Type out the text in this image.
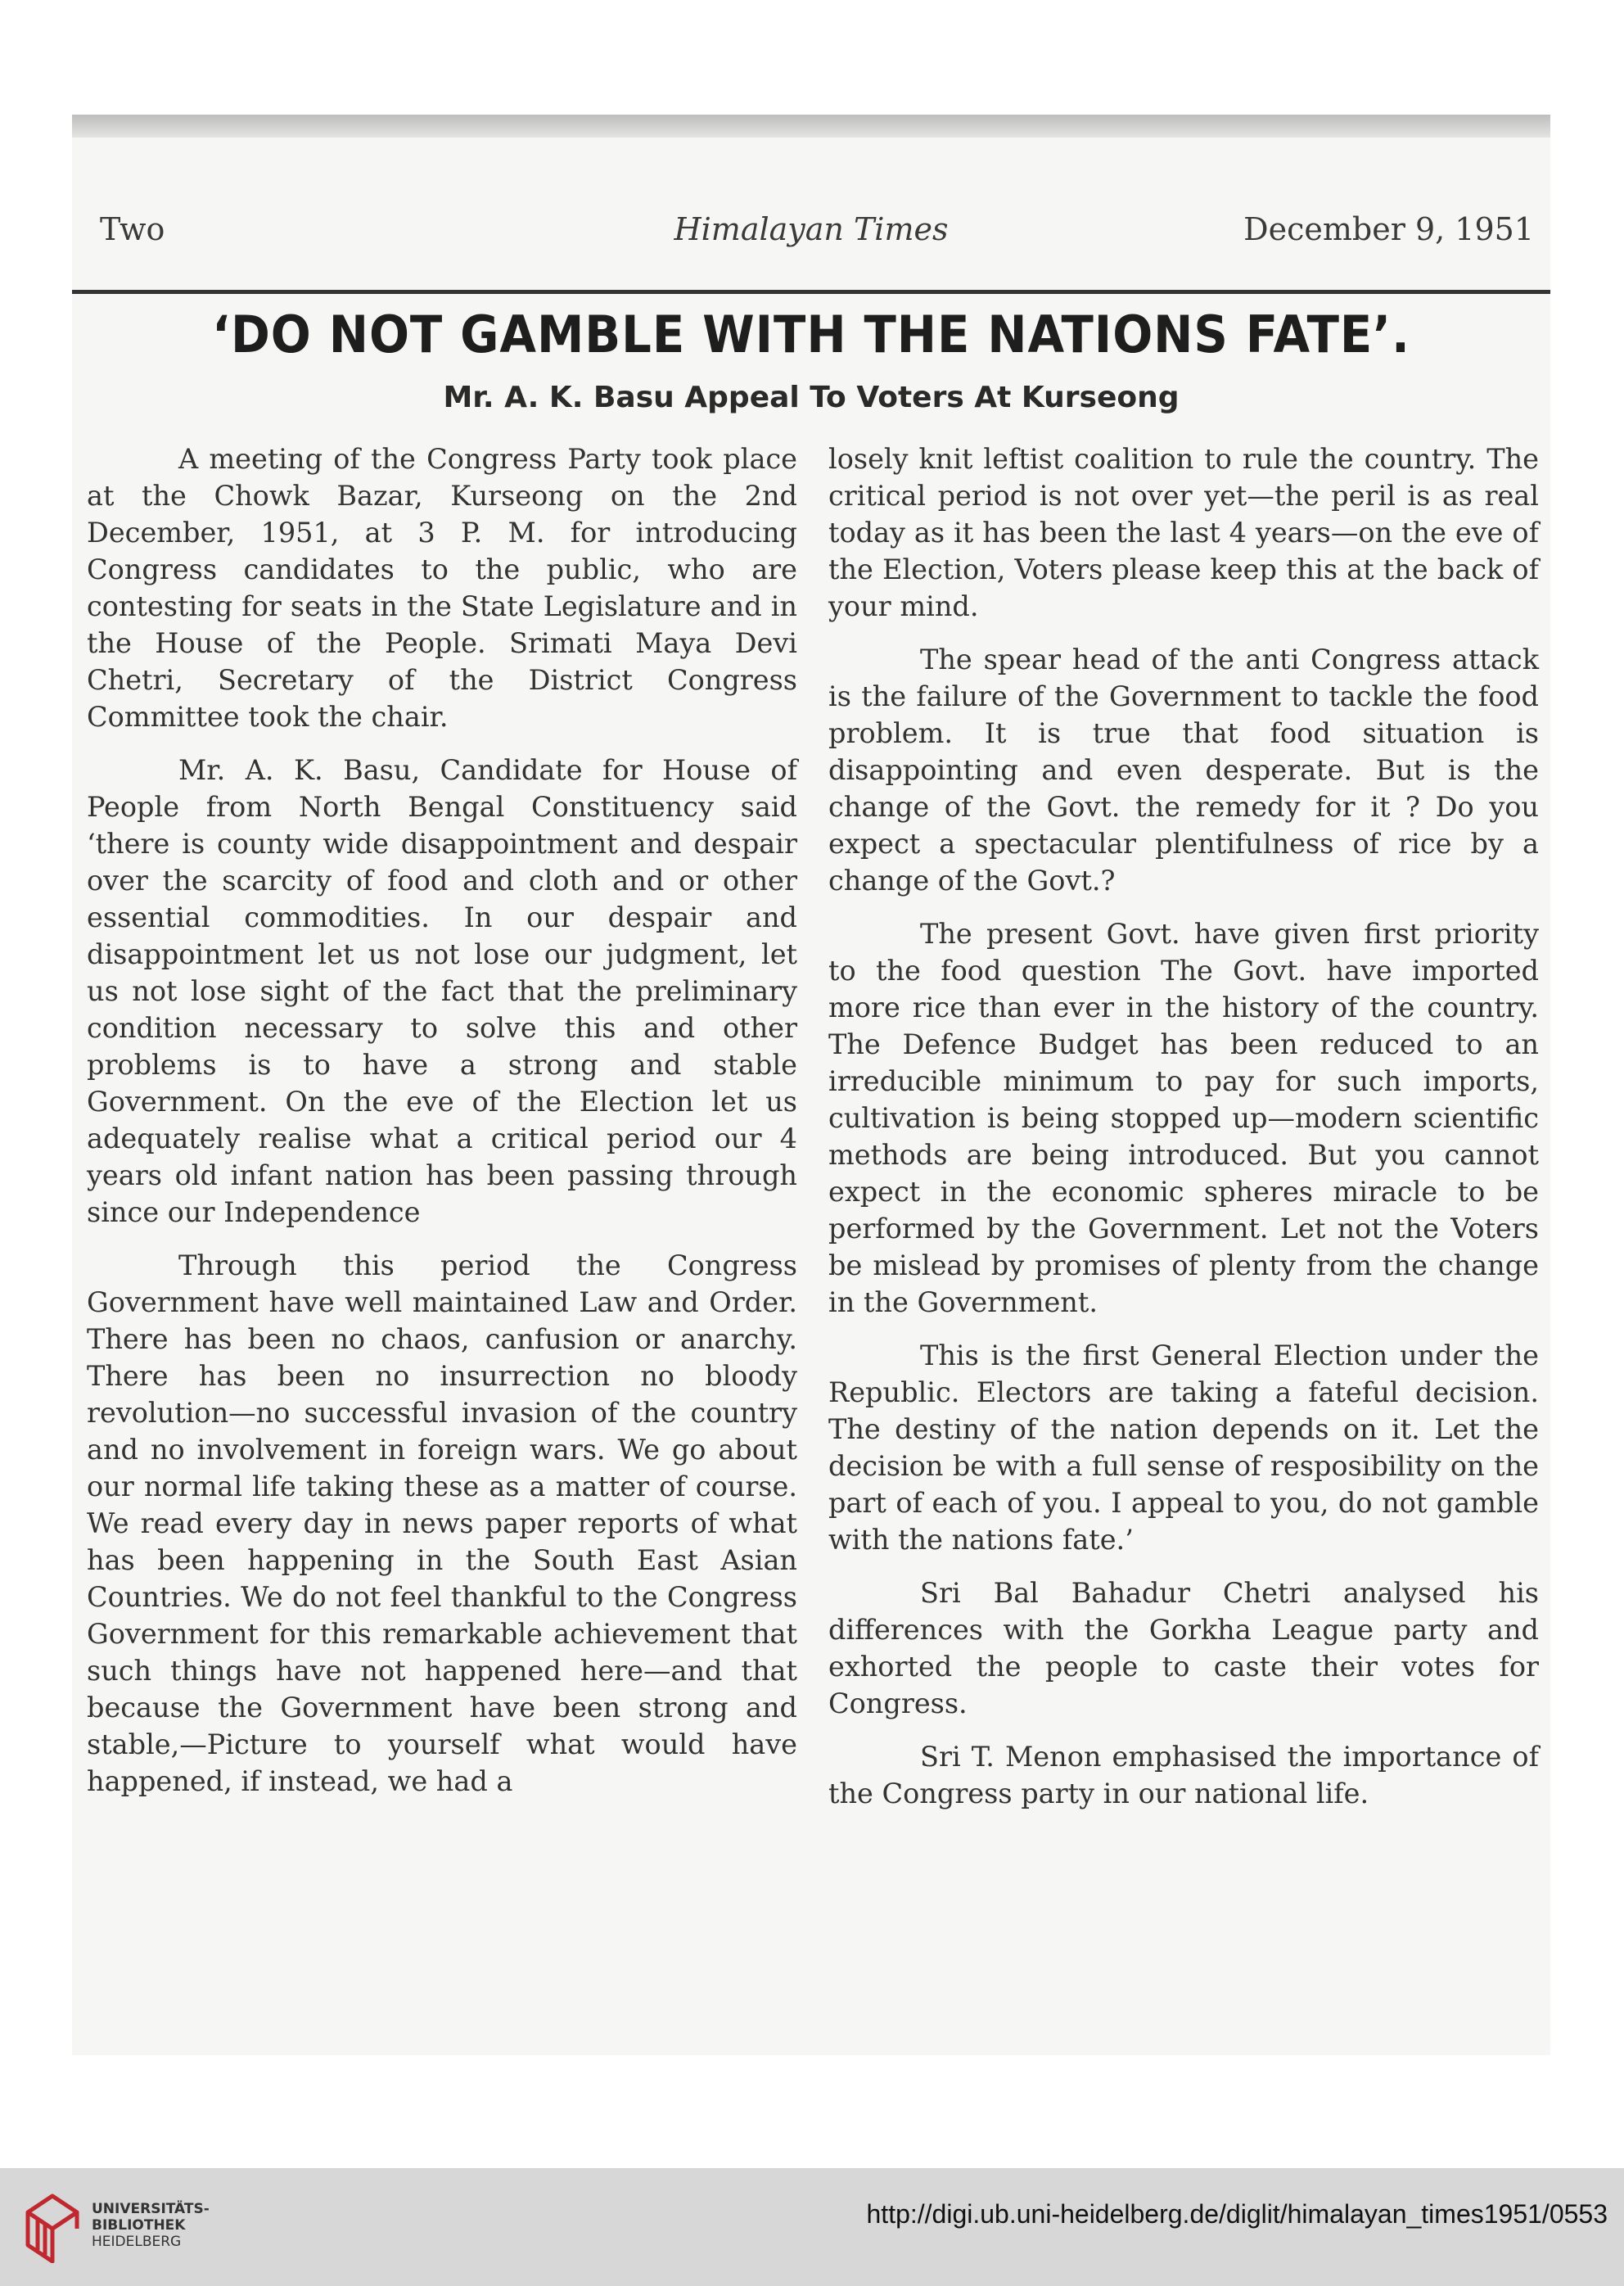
Two	Himalayan Times	December 9, 1951
‘DO NOT GAMBLE WITH THE NATIONS FATE’.
Mr. A. K. Basu Appeal To Voters At Kurseong

A meeting of the Congress Party took place at the Chowk Bazar, Kurseong on the 2nd December, 1951, at 3 P. M. for introducing Congress candidates to the public, who are contesting for seats in the State Legislature and in the House of the People. Srimati Maya Devi Chetri, Secretary of the District Congress Committee took the chair.

Mr. A. K. Basu, Candidate for House of People from North Bengal Constituency said ‘there is county wide disappointment and despair over the scarcity of food and cloth and or other essential commodities. In our despair and disappointment let us not lose our judgment, let us not lose sight of the fact that the preliminary condition necessary to solve this and other problems is to have a strong and stable Government. On the eve of the Election let us adequately realise what a critical period our 4 years old infant nation has been passing through since our Independence

Through this period the Congress Government have well maintained Law and Order. There has been no chaos, canfusion or anarchy. There has been no insurrection no bloody revolution—no successful invasion of the country and no involvement in foreign wars. We go about our normal life taking these as a matter of course. We read every day in news paper reports of what has been happening in the South East Asian Countries. We do not feel thankful to the Congress Government for this remarkable achievement that such things have not happened here—and that because the Government have been strong and stable,—Picture to yourself what would have happened, if instead, we had a

losely knit leftist coalition to rule the country. The critical period is not over yet—the peril is as real today as it has been the last 4 years—on the eve of the Election, Voters please keep this at the back of your mind.

The spear head of the anti Congress attack is the failure of the Government to tackle the food problem. It is true that food situation is disappointing and even desperate. But is the change of the Govt. the remedy for it ? Do you expect a spectacular plentifulness of rice by a change of the Govt.?

The present Govt. have given first priority to the food question The Govt. have imported more rice than ever in the history of the country. The Defence Budget has been reduced to an irreducible minimum to pay for such imports, cultivation is being stopped up—modern scientific methods are being introduced. But you cannot expect in the economic spheres miracle to be performed by the Government. Let not the Voters be mislead by promises of plenty from the change in the Government.

This is the first General Election under the Republic. Electors are taking a fateful decision. The destiny of the nation depends on it. Let the decision be with a full sense of resposibility on the part of each of you. I appeal to you, do not gamble with the nations fate.’

Sri Bal Bahadur Chetri analysed his differences with the Gorkha League party and exhorted the people to caste their votes for Congress.

Sri T. Menon emphasised the importance of the Congress party in our national life.

UNIVERSITÄTS-
BIBLIOTHEK
HEIDELBERG
http://digi.ub.uni-heidelberg.de/diglit/himalayan_times1951/0553
